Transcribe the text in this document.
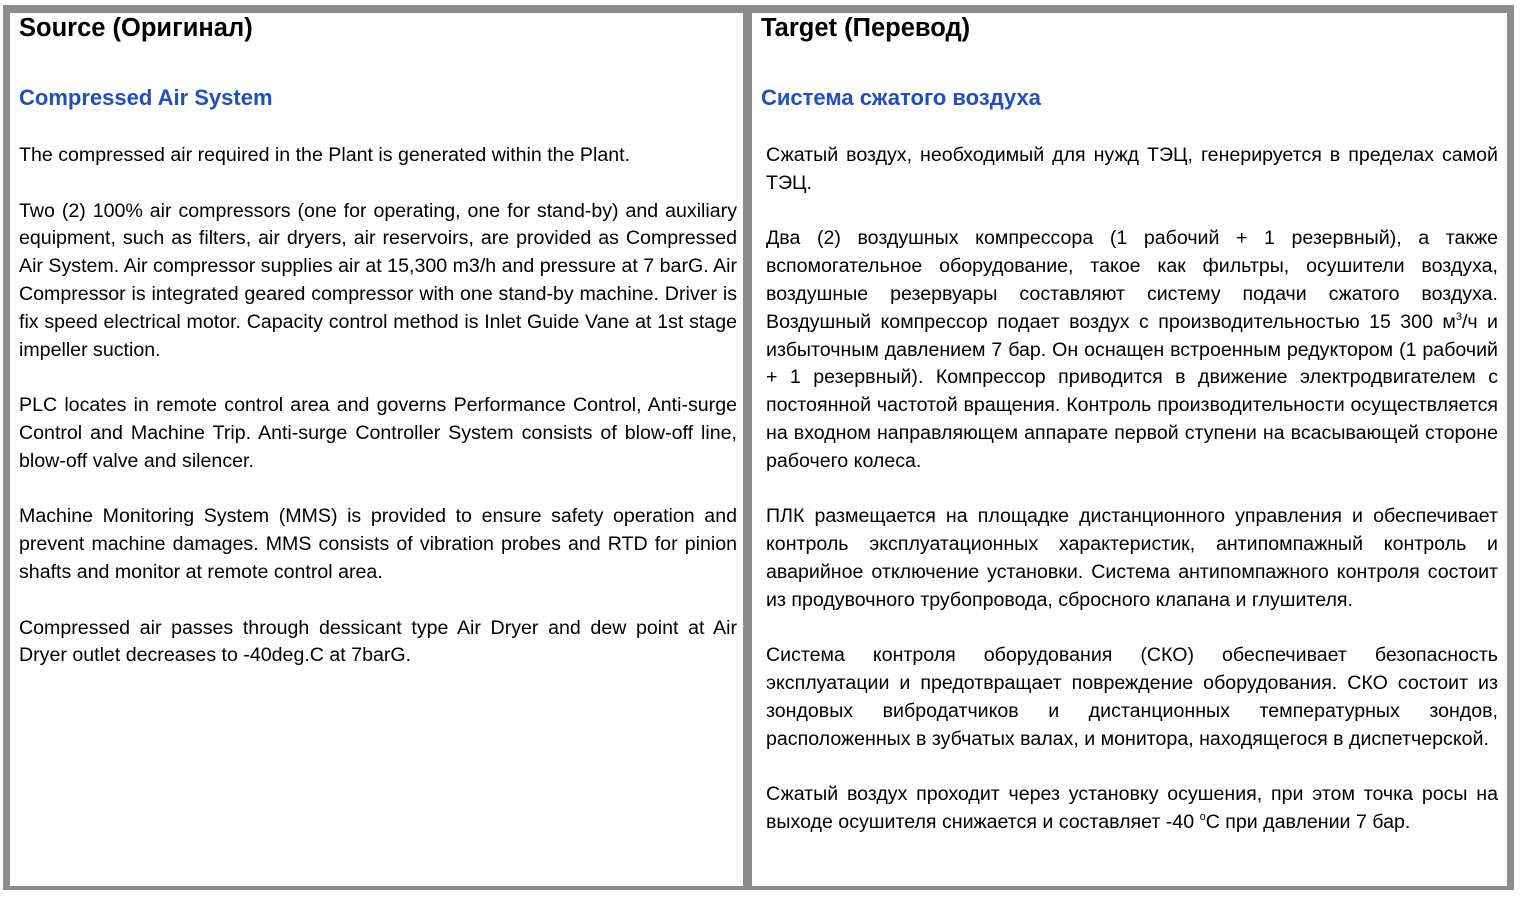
Source (Оригинал)
Compressed Air System

The compressed air required in the Plant is generated within the Plant.

Two (2) 100% air compressors (one for operating, one for stand-by) and auxiliary equipment, such as filters, air dryers, air reservoirs, are provided as Compressed Air System. Air compressor supplies air at 15,300 m3/h and pressure at 7 barG. Air Compressor is integrated geared compressor with one stand-by machine. Driver is fix speed electrical motor. Capacity control method is Inlet Guide Vane at 1st stage impeller suction.

PLC locates in remote control area and governs Performance Control, Anti-surge Control and Machine Trip. Anti-surge Controller System consists of blow-off line, blow-off valve and silencer.

Machine Monitoring System (MMS) is provided to ensure safety operation and prevent machine damages. MMS consists of vibration probes and RTD for pinion shafts and monitor at remote control area.

Compressed air passes through dessicant type Air Dryer and dew point at Air Dryer outlet decreases to -40deg.C at 7barG.

Target (Перевод)
Система сжатого воздуха

Сжатый воздух, необходимый для нужд ТЭЦ, генерируется в пределах самой ТЭЦ.

Два (2) воздушных компрессора (1 рабочий + 1 резервный), а также вспомогательное оборудование, такое как фильтры, осушители воздуха, воздушные резервуары составляют систему подачи сжатого воздуха. Воздушный компрессор подает воздух с производительностью 15 300 $м^3/ч$ и избыточным давлением 7 бар. Он оснащен встроенным редуктором (1 рабочий + 1 резервный). Компрессор приводится в движение электродвигателем с постоянной частотой вращения. Контроль производительности осуществляется на входном направляющем аппарате первой ступени на всасывающей стороне рабочего колеса.

ПЛК размещается на площадке дистанционного управления и обеспечивает контроль эксплуатационных характеристик, антипомпажный контроль и аварийное отключение установки. Система антипомпажного контроля состоит из продувочного трубопровода, сбросного клапана и глушителя.

Система контроля оборудования (СКО) обеспечивает безопасность эксплуатации и предотвращает повреждение оборудования. СКО состоит из зондовых вибродатчиков и дистанционных температурных зондов, расположенных в зубчатых валах, и монитора, находящегося в диспетчерской.

Сжатый воздух проходит через установку осушения, при этом точка росы на выходе осушителя снижается и составляет -40 $^о$С при давлении 7 бар.
